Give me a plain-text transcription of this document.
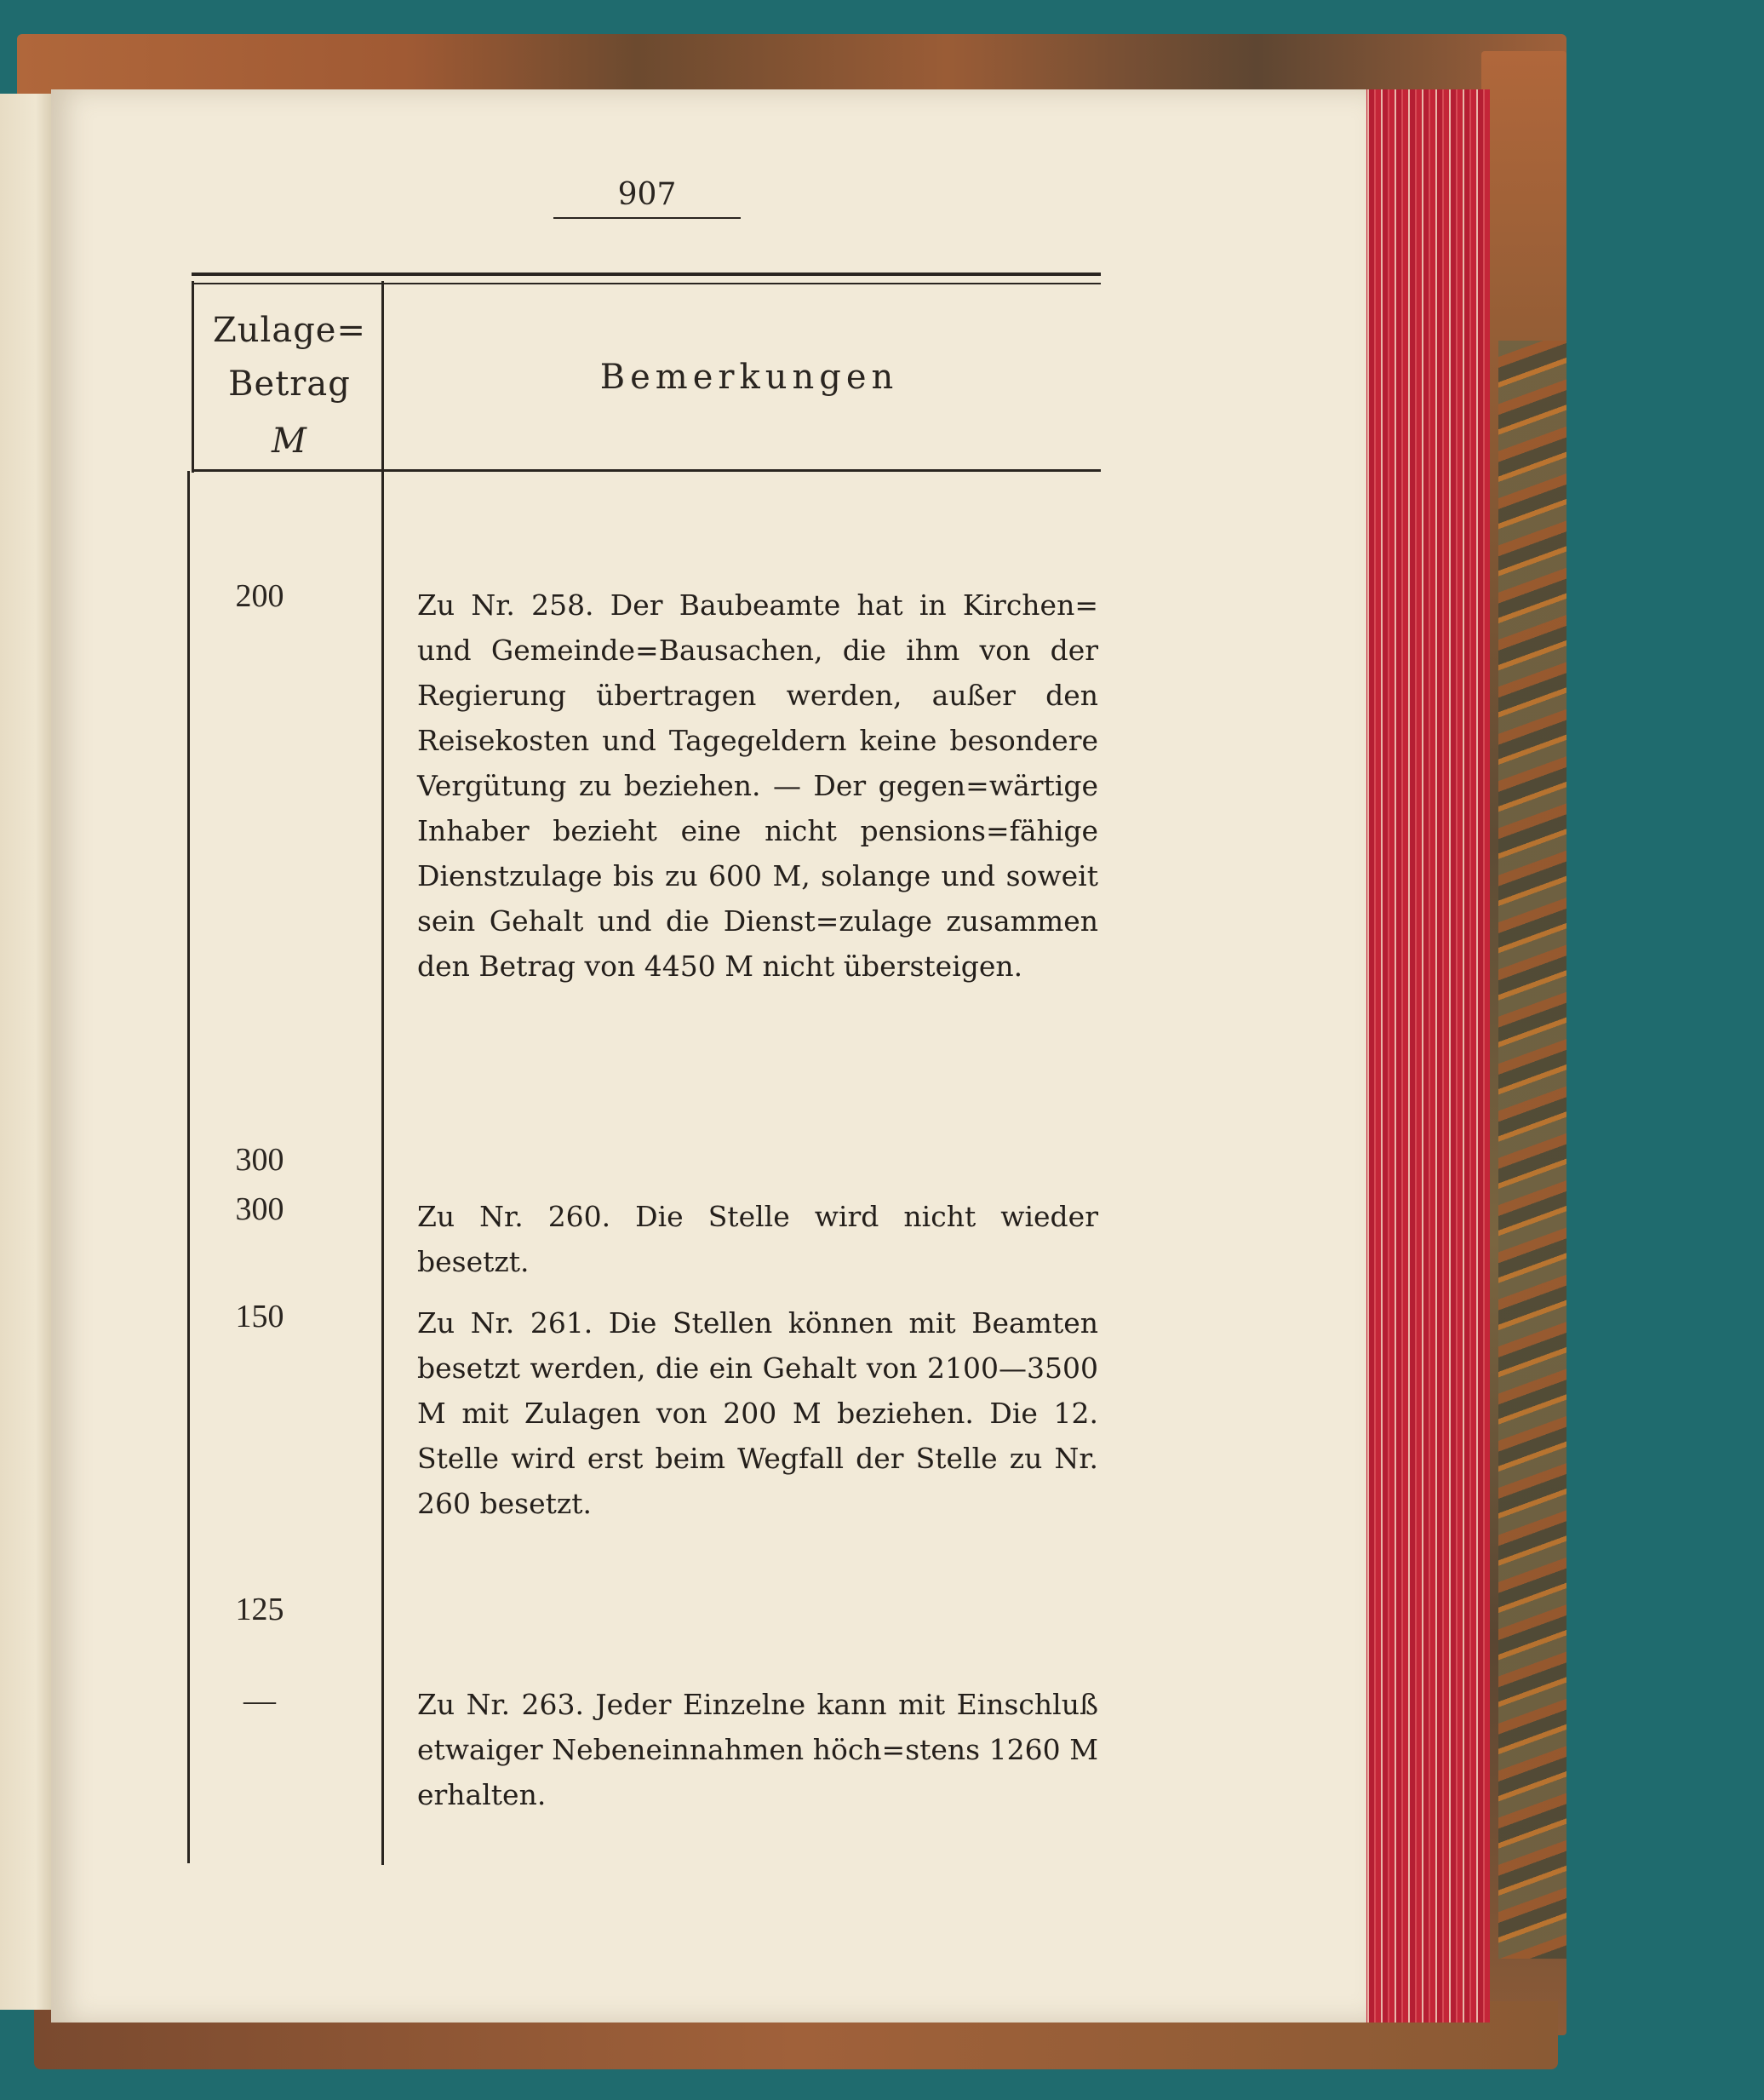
907
Zulage=
Betrag
M
Bemerkungen
200
300
300
150
125
—
Zu Nr. 258. Der Baubeamte hat in Kirchen= und Gemeinde=Bausachen, die ihm von der Regierung übertragen werden, außer den Reisekosten und Tagegeldern keine besondere Vergütung zu beziehen. — Der gegen=wärtige Inhaber bezieht eine nicht pensions=fähige Dienstzulage bis zu 600 M, solange und soweit sein Gehalt und die Dienst=zulage zusammen den Betrag von 4450 M nicht übersteigen.
Zu Nr. 260. Die Stelle wird nicht wieder besetzt.
Zu Nr. 261. Die Stellen können mit Beamten besetzt werden, die ein Gehalt von 2100—3500 M mit Zulagen von 200 M beziehen. Die 12. Stelle wird erst beim Wegfall der Stelle zu Nr. 260 besetzt.
Zu Nr. 263. Jeder Einzelne kann mit Einschluß etwaiger Nebeneinnahmen höch=stens 1260 M erhalten.
